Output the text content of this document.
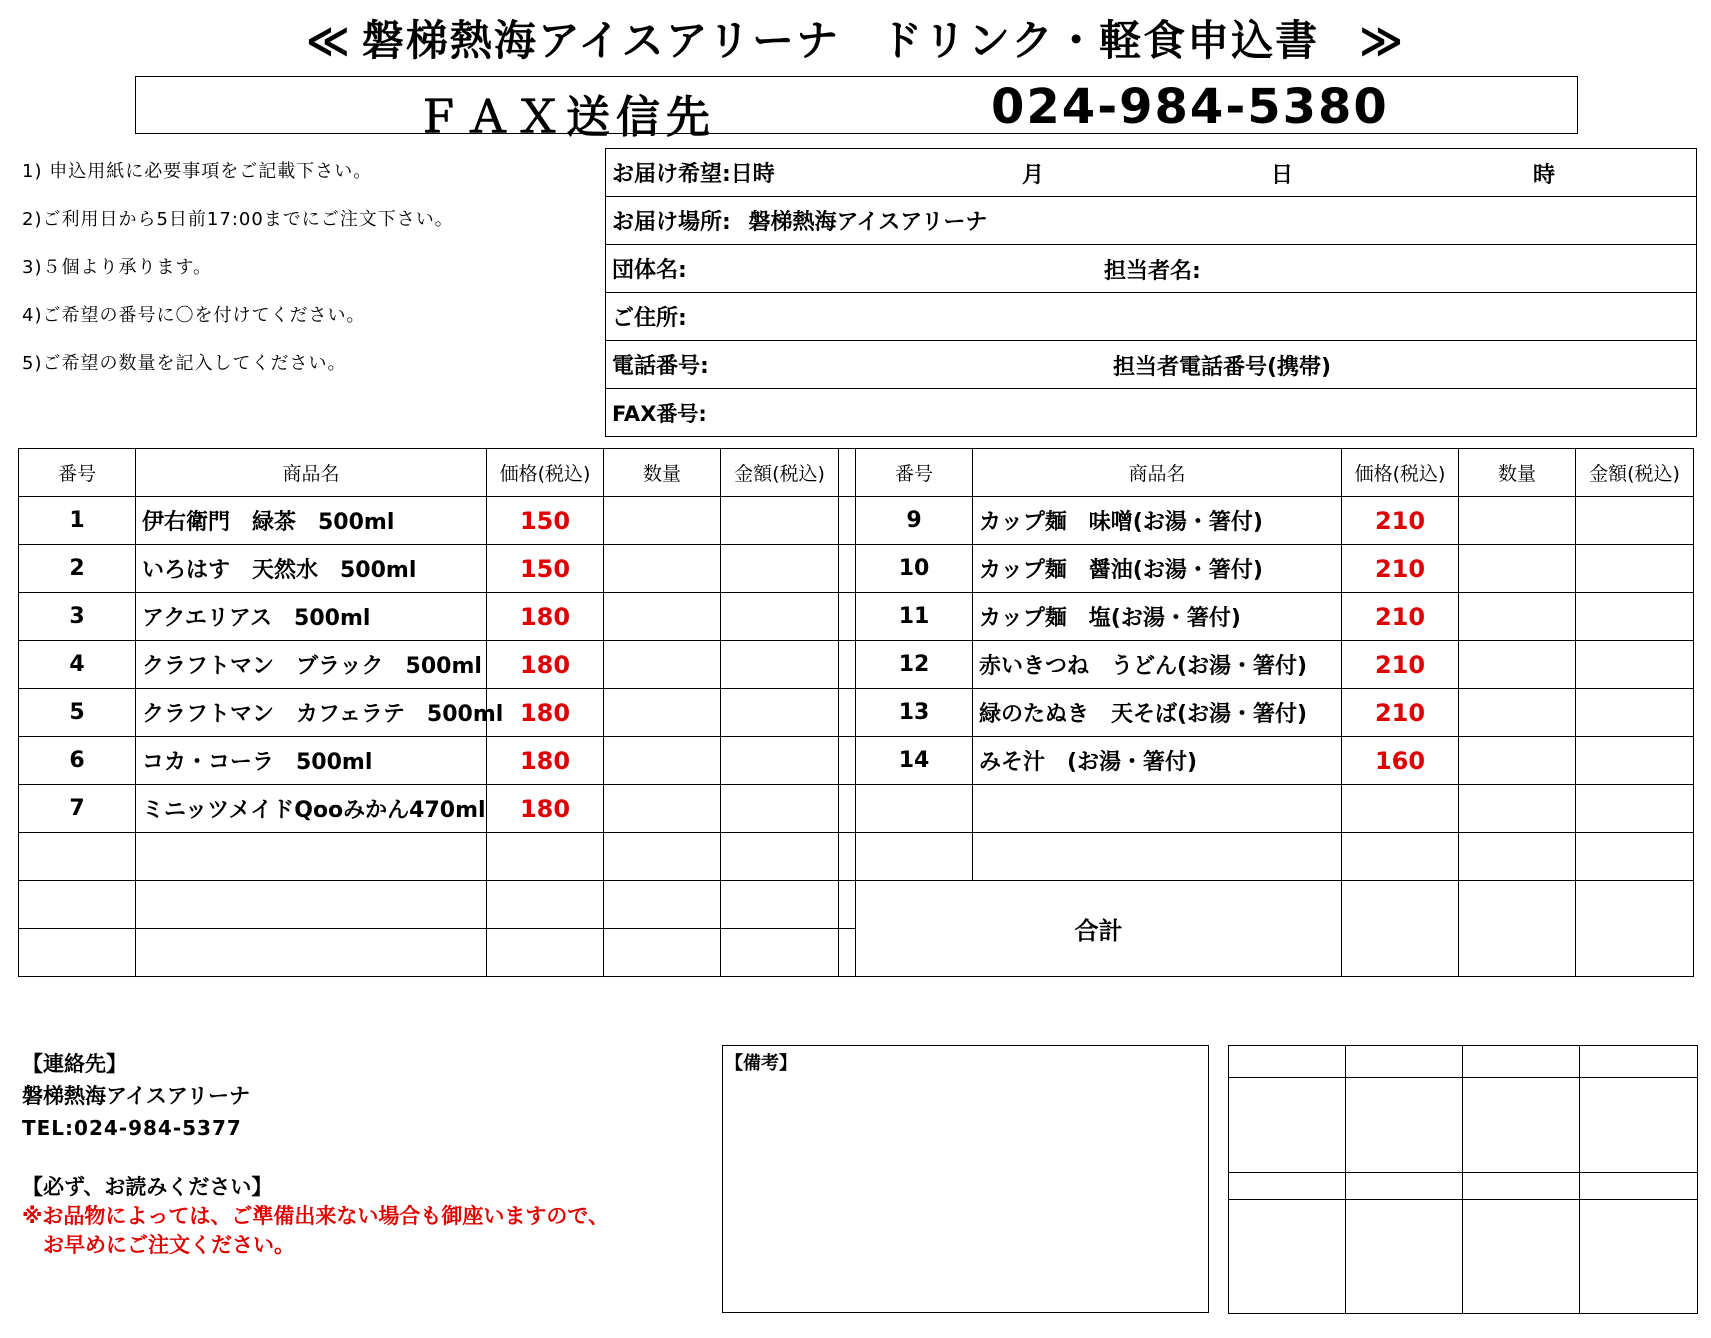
≪ 磐梯熱海アイスアリーナ ドリンク・軽食申込書 ≫
ＦＡＸ送信先	024-984-5380
1) 申込用紙に必要事項をご記載下さい。
2)ご利用日から5日前17:00までにご注文下さい。
3)５個より承ります。
4)ご希望の番号に〇を付けてください。
5)ご希望の数量を記入してください。
お届け希望:日時	月	日	時

お届け場所: 磐梯熱海アイスアリーナ
団体名:	担当者名:

ご住所:
電話番号:	担当者電話番号(携帯)

FAX番号:
番号	商品名	価格(税込)	数量	金額(税込)	番号	商品名	価格(税込)	数量	金額(税込)
1	伊右衛門　緑茶　500ml	150
2	いろはす　天然水　500ml	150
3	アクエリアス　500ml	180
4	クラフトマン　ブラック　500ml	180
5	クラフトマン　カフェラテ　500ml 180
6	コカ・コーラ　500ml	180
7	ミニッツメイドQooみかん470ml	180
9	カップ麺　味噌(お湯・箸付)	210
10	カップ麺　醤油(お湯・箸付)	210
11	カップ麺　塩(お湯・箸付)	210
12	赤いきつね　うどん(お湯・箸付)	210
13	緑のたぬき　天そば(お湯・箸付)	210
14	みそ汁　(お湯・箸付)	160
合計
【連絡先】
磐梯熱海アイスアリーナ
TEL:024-984-5377
【必ず、お読みください】
※お品物によっては、ご準備出来ない場合も御座いますので、
　お早めにご注文ください。
【備考】
